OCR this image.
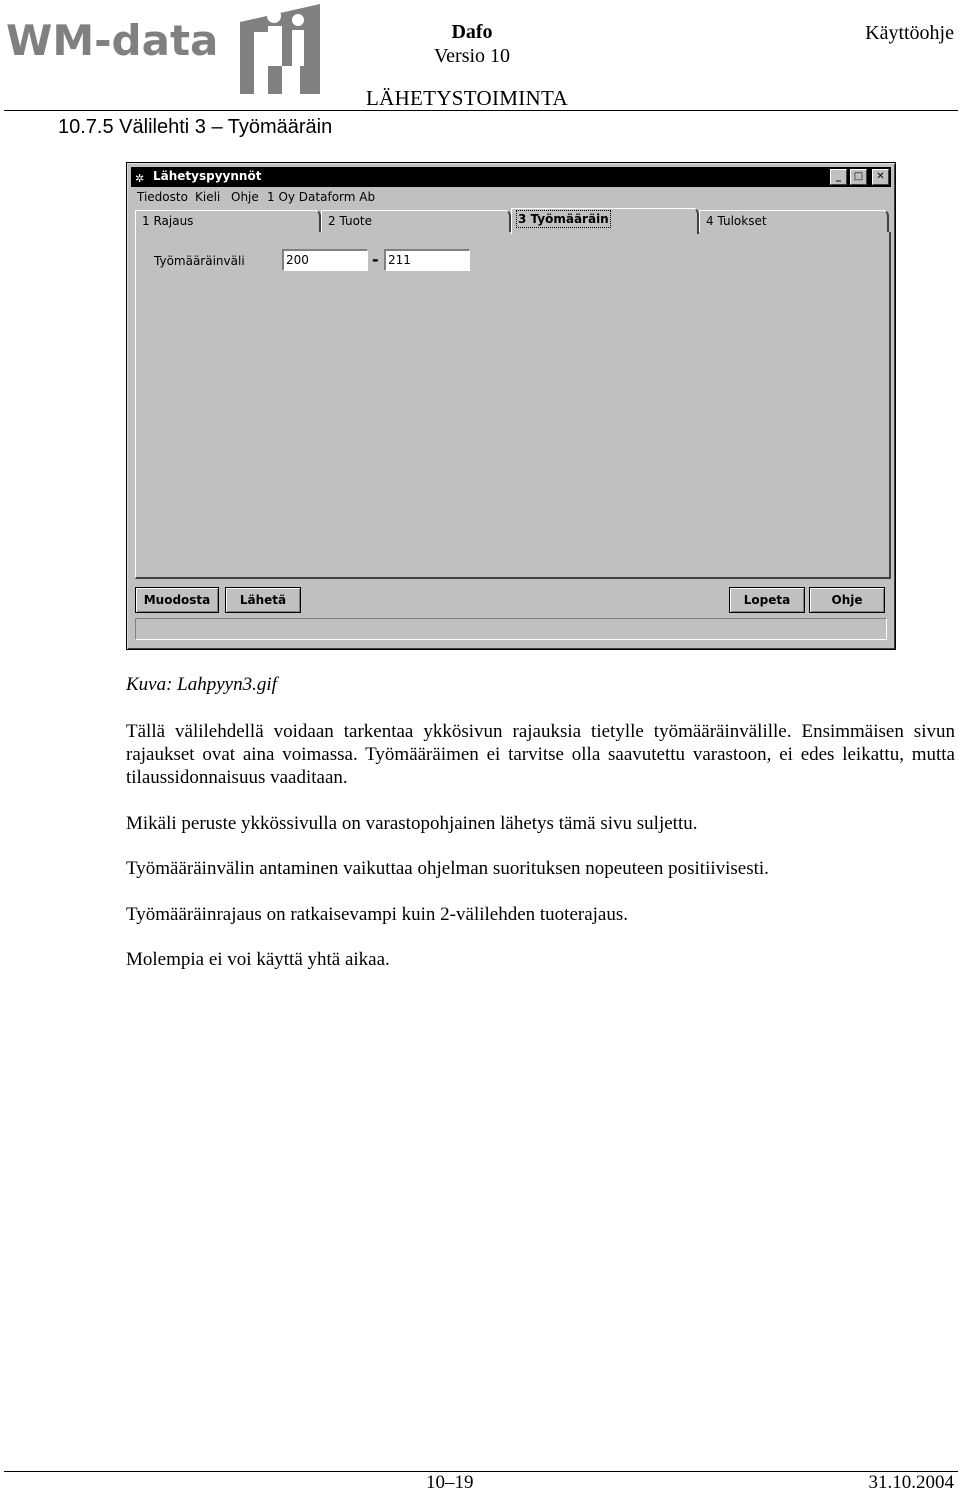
WM-data	Dafo
Versio 10
Käyttöohje
LÄHETYSTOIMINTA
10.7.5 Välilehti 3 – Työmääräin
✲ Lähetyspyynnöt	_	□	✕
Tiedosto Kieli Ohje 1 Oy Dataform Ab
1 Rajaus	2 Tuote	3 Työmääräin	4 Tulokset
Työmääräinväli	200	- 211
Muodosta	Lähetä	Lopeta	Ohje
Kuva: Lahpyyn3.gif

Tällä välilehdellä voidaan tarkentaa ykkösivun rajauksia tietylle työmääräinvälille. Ensimmäisen sivun rajaukset ovat aina voimassa. Työmääräimen ei tarvitse olla saavutettu varastoon, ei edes leikattu, mutta tilaussidonnaisuus vaaditaan.

Mikäli peruste ykkössivulla on varastopohjainen lähetys tämä sivu suljettu.

Työmääräinvälin antaminen vaikuttaa ohjelman suorituksen nopeuteen positiivisesti.

Työmääräinrajaus on ratkaisevampi kuin 2-välilehden tuoterajaus.

Molempia ei voi käyttä yhtä aikaa.

10–19	31.10.2004
